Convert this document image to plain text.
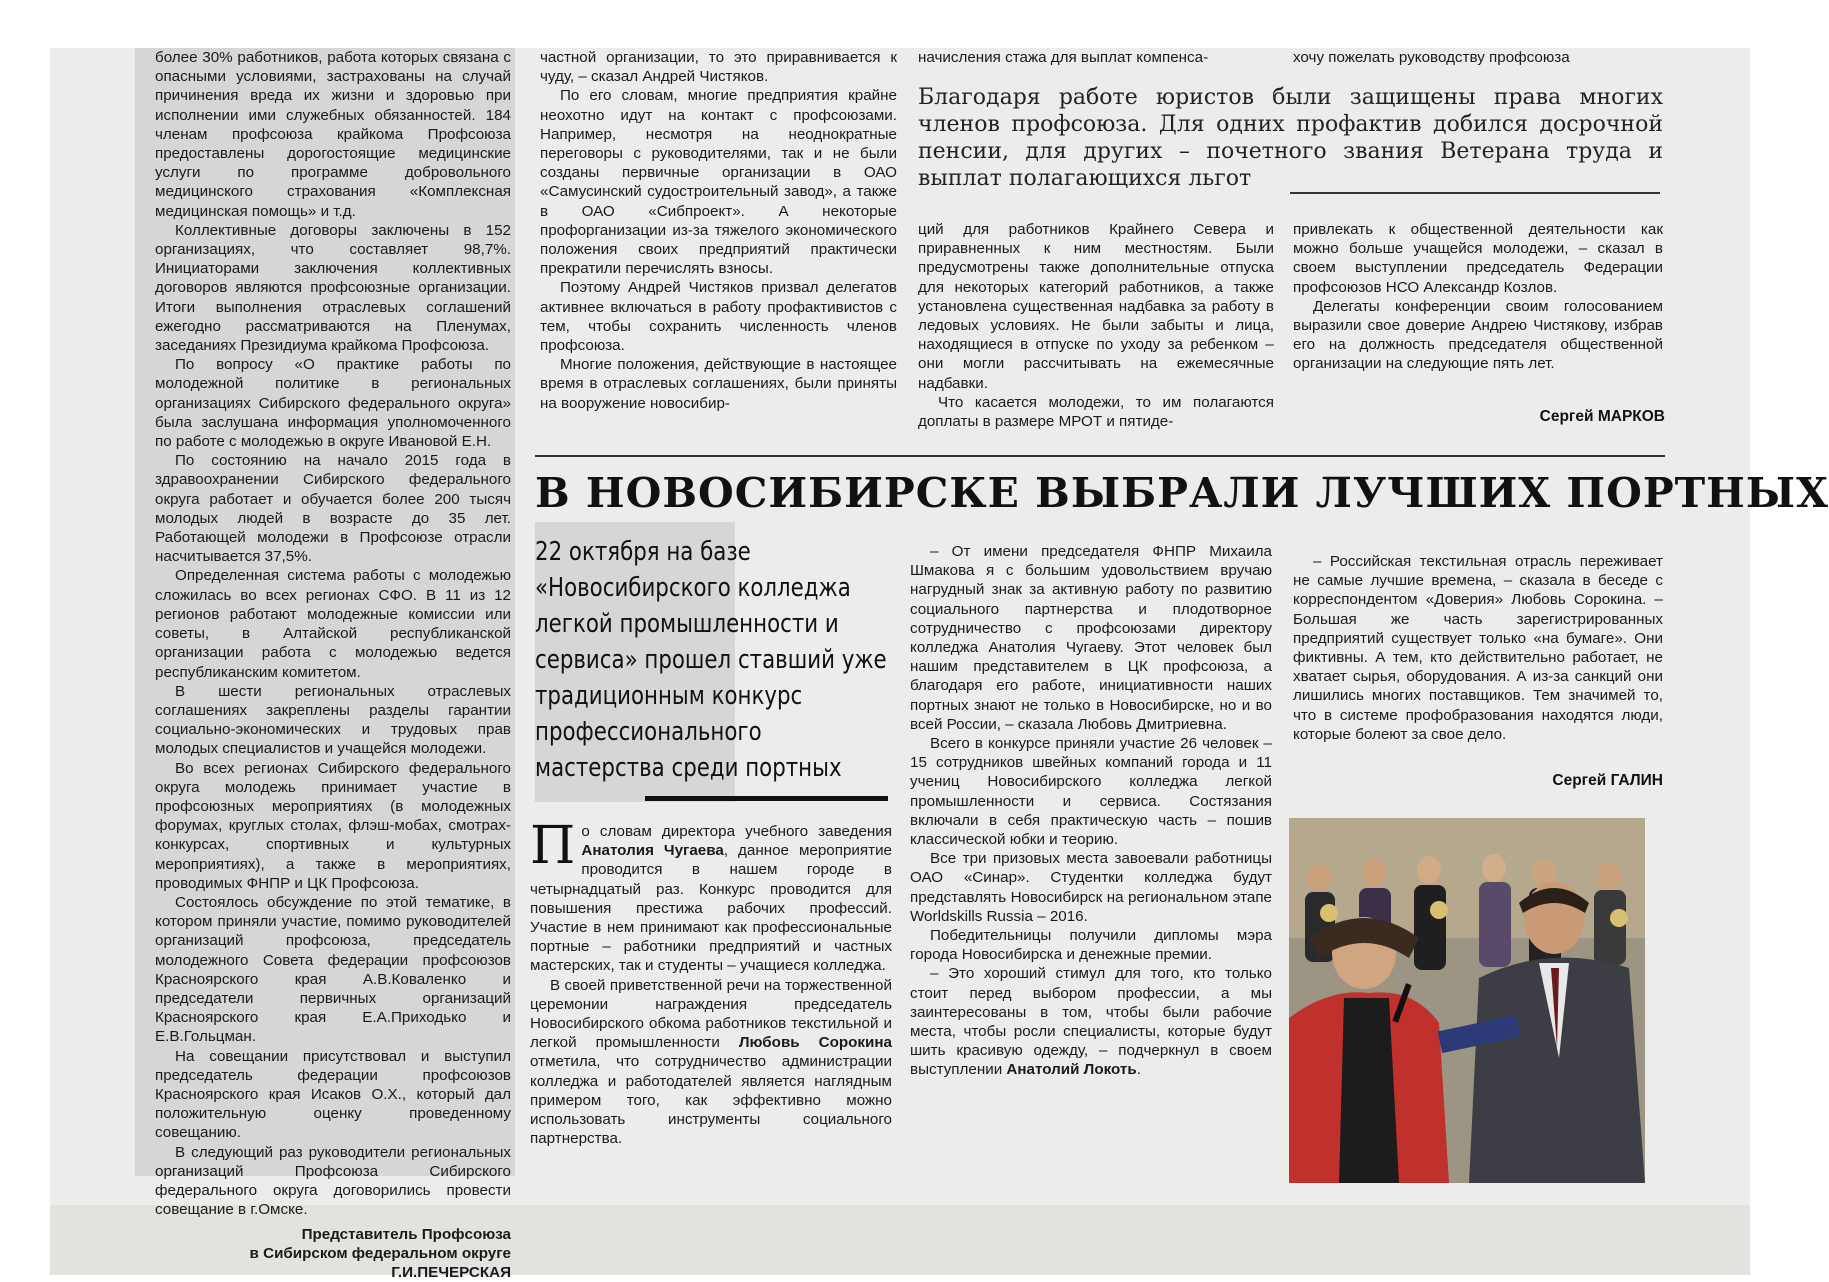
более 30% работников, работа которых связана с опасными условиями, застрахованы на случай причинения вреда их жизни и здоровью при исполнении ими служебных обязанностей. 184 членам профсоюза крайкома Профсоюза предоставлены дорогостоящие медицинские услуги по программе добровольного медицинского страхования «Комплексная медицинская помощь» и т.д.

Коллективные договоры заключены в 152 организациях, что составляет 98,7%. Инициаторами заключения коллективных договоров являются профсоюзные организации. Итоги выполнения отраслевых соглашений ежегодно рассматриваются на Пленумах, заседаниях Президиума крайкома Профсоюза.

По вопросу «О практике работы по молодежной политике в региональных организациях Сибирского федерального округа» была заслушана информация уполномоченного по работе с молодежью в округе Ивановой Е.Н.

По состоянию на начало 2015 года в здравоохранении Сибирского федерального округа работает и обучается более 200 тысяч молодых людей в возрасте до 35 лет. Работающей молодежи в Профсоюзе отрасли насчитывается 37,5%.

Определенная система работы с молодежью сложилась во всех регионах СФО. В 11 из 12 регионов работают молодежные комиссии или советы, в Алтайской республиканской организации работа с молодежью ведется республиканским комитетом.

В шести региональных отраслевых соглашениях закреплены разделы гарантии социально-экономических и трудовых прав молодых специалистов и учащейся молодежи.

Во всех регионах Сибирского федерального округа молодежь принимает участие в профсоюзных мероприятиях (в молодежных форумах, круглых столах, флэш-мобах, смотрах-конкурсах, спортивных и культурных мероприятиях), а также в мероприятиях, проводимых ФНПР и ЦК Профсоюза.

Состоялось обсуждение по этой тематике, в котором приняли участие, помимо руководителей организаций профсоюза, председатель молодежного Совета федерации профсоюзов Красноярского края А.В.Коваленко и председатели первичных организаций Красноярского края Е.А.Приходько и Е.В.Гольцман.

На совещании присутствовал и выступил председатель федерации профсоюзов Красноярского края Исаков О.Х., который дал положительную оценку проведенному совещанию.

В следующий раз руководители региональных организаций Профсоюза Сибирского федерального округа договорились провести совещание в г.Омске.

Представитель Профсоюза
в Сибирском федеральном округе
Г.И.ПЕЧЕРСКАЯ

частной организации, то это приравнивается к чуду, – сказал Андрей Чистяков.

По его словам, многие предприятия крайне неохотно идут на контакт с профсоюзами. Например, несмотря на неоднократные переговоры с руководителями, так и не были созданы первичные организации в ОАО «Самусинский судостроительный завод», а также в ОАО «Сибпроект». А некоторые профорганизации из-за тяжелого экономического положения своих предприятий практически прекратили перечислять взносы.

Поэтому Андрей Чистяков призвал делегатов активнее включаться в работу профактивистов с тем, чтобы сохранить численность членов профсоюза.

Многие положения, действующие в настоящее время в отраслевых соглашениях, были приняты на вооружение новосибир-

начисления стажа для выплат компенса-	хочу пожелать руководству профсоюза
Благодаря работе юристов были защищены права многих членов профсоюза. Для одних профактив добился досрочной пенсии, для других – почетного звания Ветерана труда и выплат полагающихся льгот

ций для работников Крайнего Севера и приравненных к ним местностям. Были предусмотрены также дополнительные отпуска для некоторых категорий работников, а также установлена существенная надбавка за работу в ледовых условиях. Не были забыты и лица, находящиеся в отпуске по уходу за ребенком – они могли рассчитывать на ежемесячные надбавки.

Что касается молодежи, то им полагаются доплаты в размере МРОТ и пятиде-

привлекать к общественной деятельности как можно больше учащейся молодежи, – сказал в своем выступлении председатель Федерации профсоюзов НСО Александр Козлов.

Делегаты конференции своим голосованием выразили свое доверие Андрею Чистякову, избрав его на должность председателя общественной организации на следующие пять лет.

Сергей МАРКОВ
В НОВОСИБИРСКЕ ВЫБРАЛИ ЛУЧШИХ ПОРТНЫХ
22 октября на базе «Новосибирского колледжа легкой промышленности и сервиса» прошел ставший уже традиционным конкурс профессионального мастерства среди портных

По словам директора учебного заведения Анатолия Чугаева, данное мероприятие проводится в нашем городе в четырнадцатый раз. Конкурс проводится для повышения престижа рабочих профессий. Участие в нем принимают как профессиональные портные – работники предприятий и частных мастерских, так и студенты – учащиеся колледжа.

В своей приветственной речи на торжественной церемонии награждения председатель Новосибирского обкома работников текстильной и легкой промышленности Любовь Сорокина отметила, что сотрудничество администрации колледжа и работодателей является наглядным примером того, как эффективно можно использовать инструменты социального партнерства.

– От имени председателя ФНПР Михаила Шмакова я с большим удовольствием вручаю нагрудный знак за активную работу по развитию социального партнерства и плодотворное сотрудничество с профсоюзами директору колледжа Анатолия Чугаеву. Этот человек был нашим представителем в ЦК профсоюза, а благодаря его работе, инициативности наших портных знают не только в Новосибирске, но и во всей России, – сказала Любовь Дмитриевна.

Всего в конкурсе приняли участие 26 человек – 15 сотрудников швейных компаний города и 11 учениц Новосибирского колледжа легкой промышленности и сервиса. Состязания включали в себя практическую часть – пошив классической юбки и теорию.

Все три призовых места завоевали работницы ОАО «Синар». Студентки колледжа будут представлять Новосибирск на региональном этапе Worldskills Russia – 2016.

Победительницы получили дипломы мэра города Новосибирска и денежные премии.

– Это хороший стимул для того, кто только стоит перед выбором профессии, а мы заинтересованы в том, чтобы были рабочие места, чтобы росли специалисты, которые будут шить красивую одежду, – подчеркнул в своем выступлении Анатолий Локоть.

– Российская текстильная отрасль переживает не самые лучшие времена, – сказала в беседе с корреспондентом «Доверия» Любовь Сорокина. – Большая же часть зарегистрированных предприятий существует только «на бумаге». Они фиктивны. А тем, кто действительно работает, не хватает сырья, оборудования. А из-за санкций они лишились многих поставщиков. Тем значимей то, что в системе профобразования находятся люди, которые болеют за свое дело.

Сергей ГАЛИН
